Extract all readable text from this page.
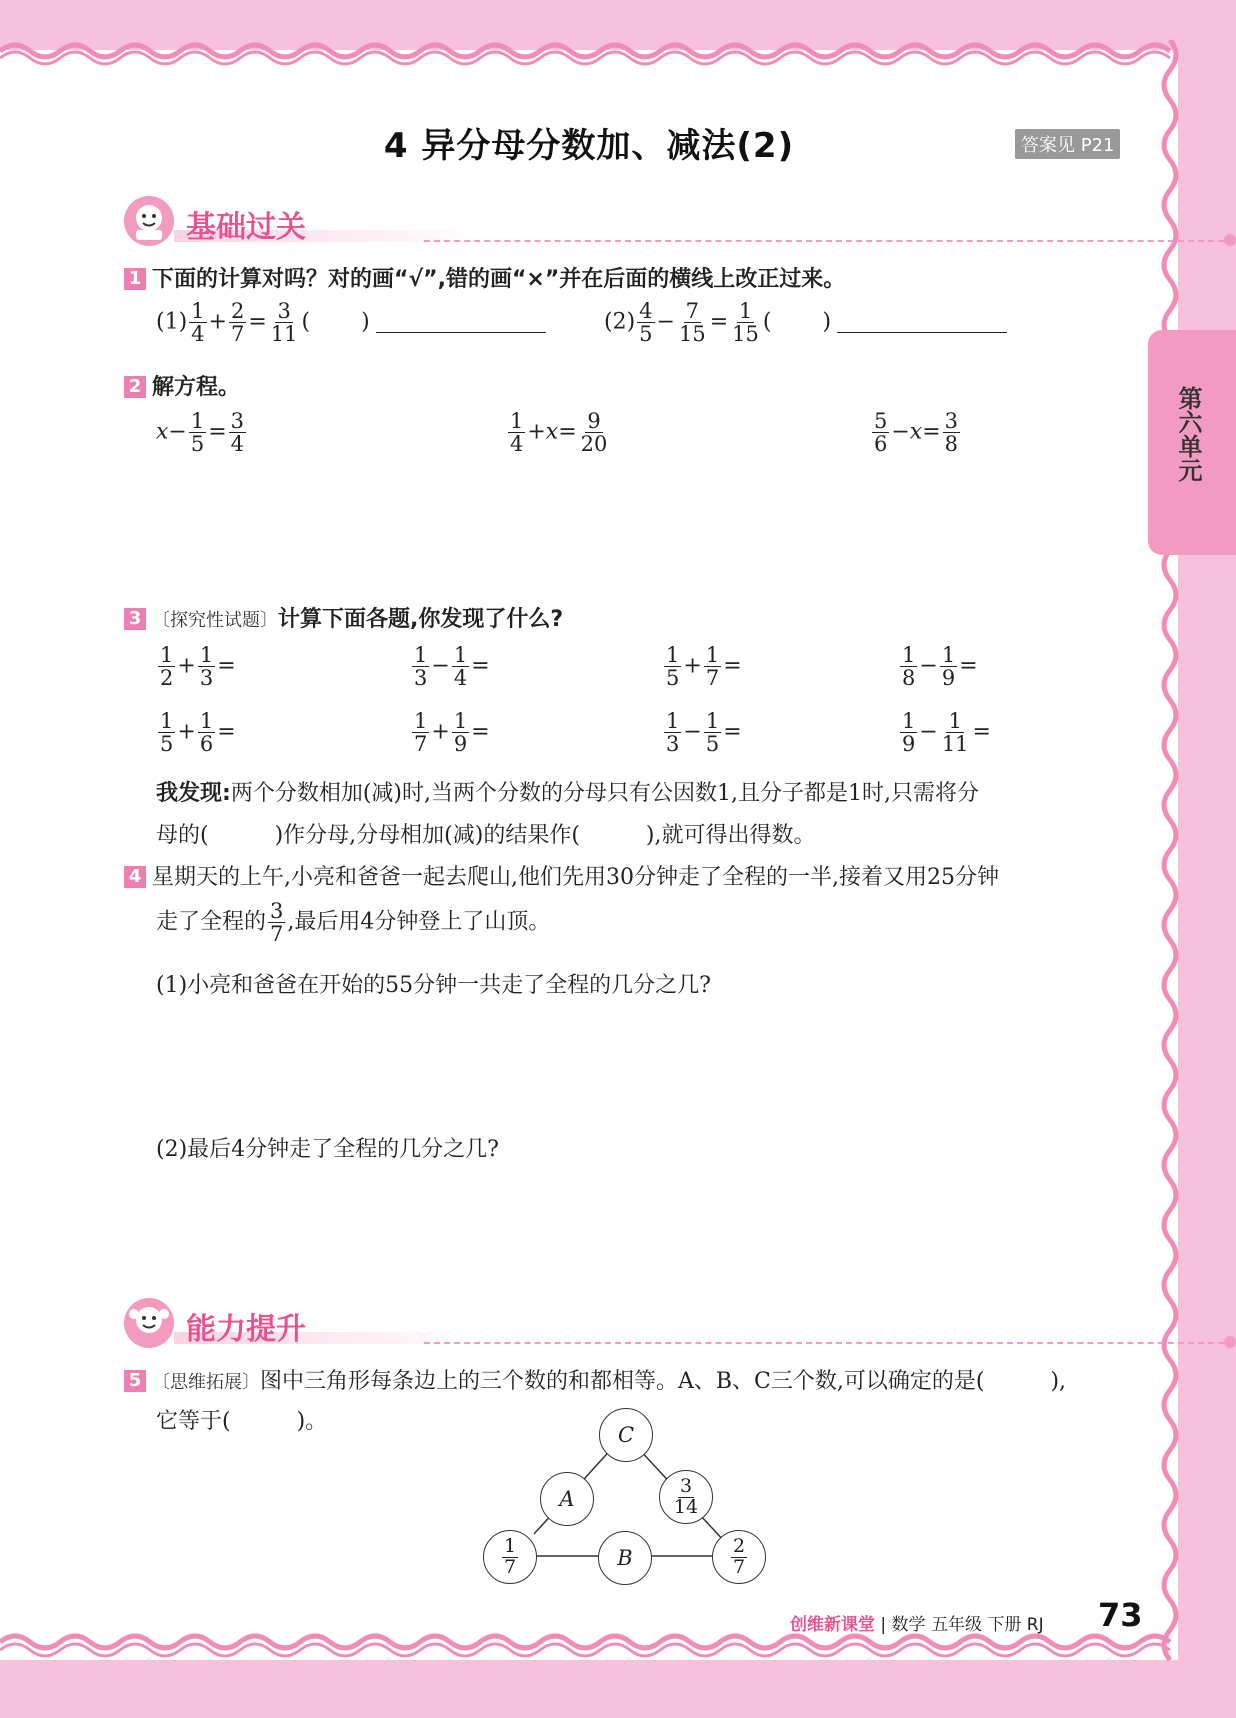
4 异分母分数加、减法(2)	答案见 P21
第六单元
基础过关
1 下面的计算对吗？对的画“√”,错的画“×”并在后面的横线上改正过来。
$(1) \frac{1}{4} + \frac{2}{7} = \frac{3}{11}$ (　　 )	$(2) \frac{4}{5} - \frac{7}{15} = \frac{1}{15}$ (　　 )
2 解方程。
$x- \frac{1}{5} = \frac{3}{4}$	$\frac{1}{4} +x= \frac{9}{20}$	$\frac{5}{6} -x= \frac{3}{8}$
3 〔探究性试题〕计算下面各题,你发现了什么?
$\frac{1}{2} + \frac{1}{3}$ =	$\frac{1}{3} - \frac{1}{4}$ =	$\frac{1}{5} + \frac{1}{7}$ =	$\frac{1}{8} - \frac{1}{9}$ =
$\frac{1}{5} + \frac{1}{6}$ =	$\frac{1}{7} + \frac{1}{9}$ =	$\frac{1}{3} - \frac{1}{5}$ =	$\frac{1}{9} - \frac{1}{11}$ =
我发现:两个分数相加(减)时,当两个分数的分母只有公因数1,且分子都是1时,只需将分
母的(　　　)作分母,分母相加(减)的结果作(　　　),就可得出得数。
4 星期天的上午,小亮和爸爸一起去爬山,他们先用30分钟走了全程的一半,接着又用25分钟
走了全程的 $\frac{3}{7}$ ,最后用4分钟登上了山顶。
(1)小亮和爸爸在开始的55分钟一共走了全程的几分之几?
(2)最后4分钟走了全程的几分之几?
能力提升
5 〔思维拓展〕图中三角形每条边上的三个数的和都相等。A、B、C三个数,可以确定的是(　　　),
它等于(　　　)。
C
A	$\frac{3}{14}$
$\frac{1}{7}$	B	$\frac{2}{7}$
创维新课堂 | 数学 五年级 下册 RJ 73
